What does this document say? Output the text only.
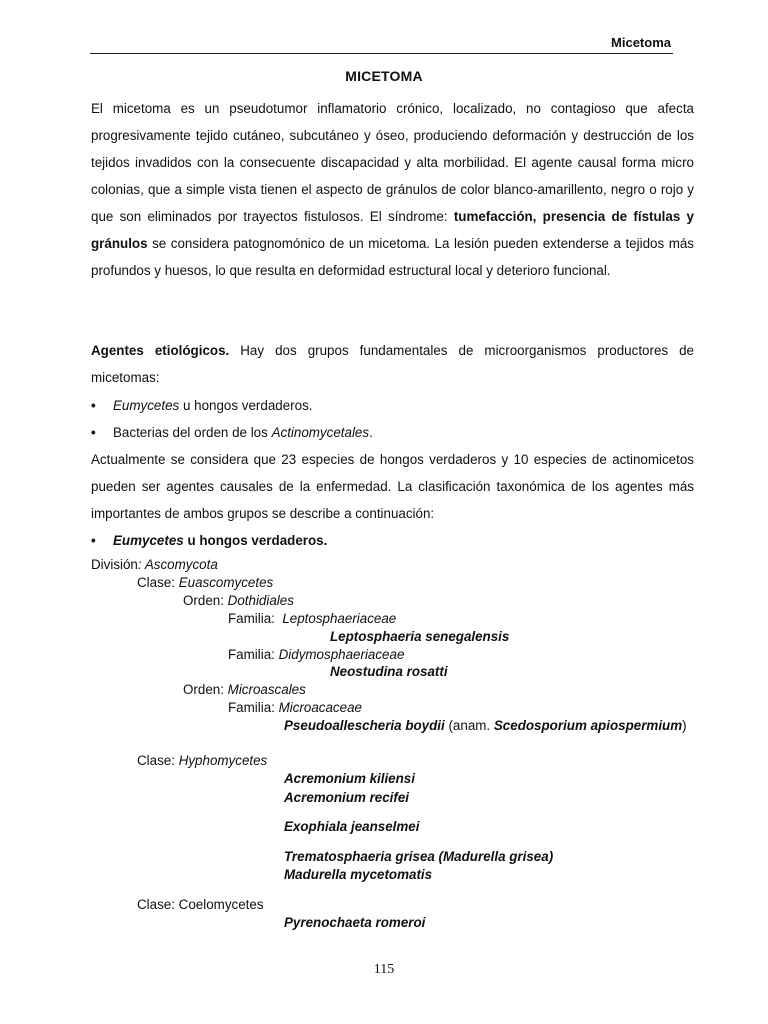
Micetoma
MICETOMA

El micetoma es un pseudotumor inflamatorio crónico, localizado, no contagioso que afecta progresivamente tejido cutáneo, subcutáneo y óseo, produciendo deformación y destrucción de los tejidos invadidos con la consecuente discapacidad y alta morbilidad. El agente causal forma micro colonias, que a simple vista tienen el aspecto de gránulos de color blanco-amarillento, negro o rojo y que son eliminados por trayectos fistulosos. El síndrome: tumefacción, presencia de fístulas y gránulos se considera patognomónico de un micetoma. La lesión pueden extenderse a tejidos más profundos y huesos, lo que resulta en deformidad estructural local y deterioro funcional.

Agentes etiológicos. Hay dos grupos fundamentales de microorganismos productores de micetomas:

• Eumycetes u hongos verdaderos.
• Bacterias del orden de los Actinomycetales.

Actualmente se considera que 23 especies de hongos verdaderos y 10 especies de actinomicetos pueden ser agentes causales de la enfermedad. La clasificación taxonómica de los agentes más importantes de ambos grupos se describe a continuación:

• Eumycetes u hongos verdaderos.
División: Ascomycota
Clase: Euascomycetes
Orden: Dothidiales
Familia:  Leptosphaeriaceae
Leptosphaeria senegalensis
Familia: Didymosphaeriaceae
Neostudina rosatti
Orden: Microascales
Familia: Microacaceae
Pseudoallescheria boydii (anam. Scedosporium apiospermium)
Clase: Hyphomycetes
Acremonium kiliensi
Acremonium recifei
Exophiala jeanselmei
Trematosphaeria grisea (Madurella grisea)
Madurella mycetomatis
Clase: Coelomycetes
Pyrenochaeta romeroi
115
